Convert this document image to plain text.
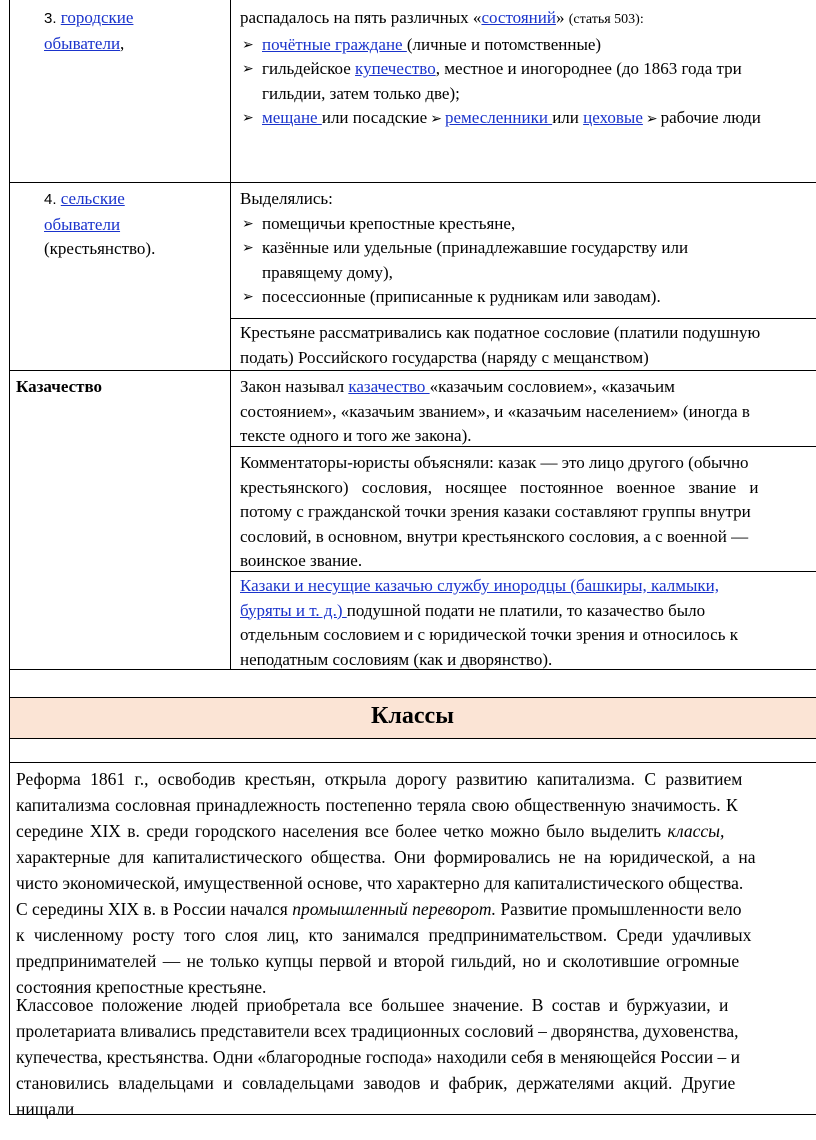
3. городские
обыватели,
распадалось на пять различных «состояний» (статья 503):
➢ почётные граждане (личные и потомственные)
➢ гильдейское купечество, местное и иногороднее (до 1863 года три
гильдии, затем только две);
➢ мещане или посадские ➢ ремесленники или цеховые ➢ рабочие люди
4. сельские
обыватели
(крестьянство).
Выделялись:
➢ помещичьи крепостные крестьяне,
➢ казённые или удельные (принадлежавшие государству или
правящему дому),
➢ посессионные (приписанные к рудникам или заводам).
Крестьяне рассматривались как податное сословие (платили подушную
подать) Российского государства (наряду с мещанством)
Казачество	Закон называл казачество «казачьим сословием», «казачьим
состоянием», «казачьим званием», и «казачьим населением» (иногда в
тексте одного и того же закона).
Комментаторы-юристы объясняли: казак — это лицо другого (обычно
крестьянского) сословия, носящее постоянное военное звание и
потому с гражданской точки зрения казаки составляют группы внутри
сословий, в основном, внутри крестьянского сословия, а с военной —
воинское звание.
Казаки и несущие казачью службу инородцы (башкиры, калмыки,
буряты и т. д.) подушной подати не платили, то казачество было
отдельным сословием и с юридической точки зрения и относилось к
неподатным сословиям (как и дворянство).
Классы
Реформа 1861 г., освободив крестьян, открыла дорогу развитию капитализма. С развитием
капитализма сословная принадлежность постепенно теряла свою общественную значимость. К
середине XIX в. среди городского населения все более четко можно было выделить классы,
характерные для капиталистического общества. Они формировались не на юридической, а на
чисто экономической, имущественной основе, что характерно для капиталистического общества.
С середины XIX в. в России начался промышленный переворот. Развитие промышленности вело
к численному росту того слоя лиц, кто занимался предпринимательством. Среди удачливых
предпринимателей — не только купцы первой и второй гильдий, но и сколотившие огромные
состояния крепостные крестьяне.
Классовое положение людей приобретала все большее значение. В состав и буржуазии, и
пролетариата вливались представители всех традиционных сословий – дворянства, духовенства,
купечества, крестьянства. Одни «благородные господа» находили себя в меняющейся России – и
становились владельцами и совладельцами заводов и фабрик, держателями акций. Другие
нищали
